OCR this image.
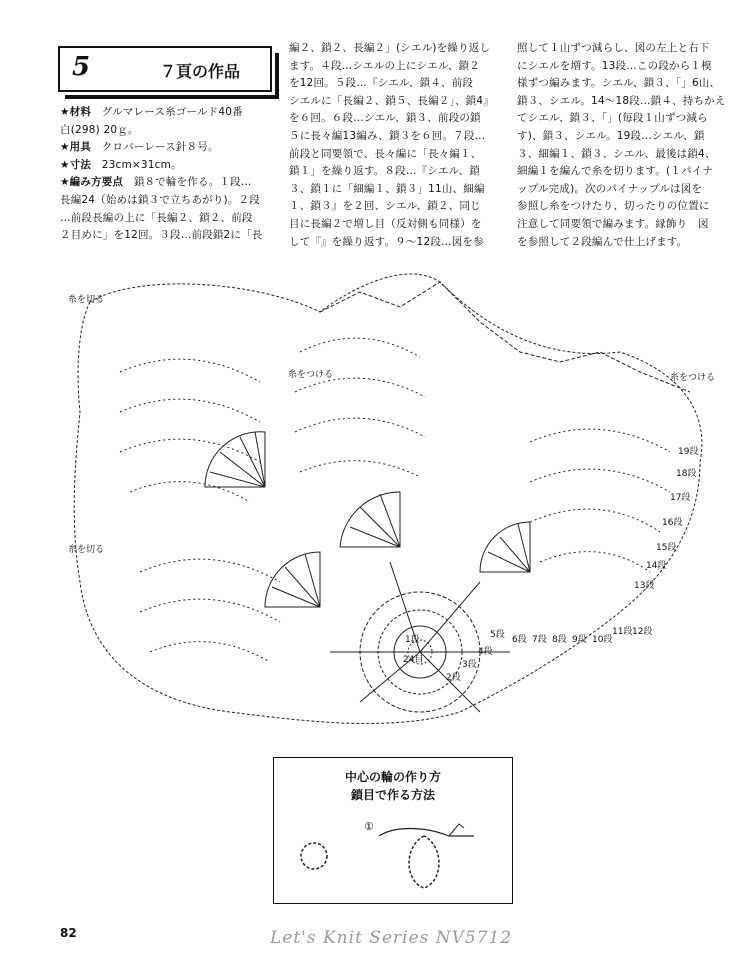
5	７頁の作品

★材料　グルマレース糸ゴールド40番

白(298) 20ｇ。

★用具　クロバーレース針８号。

★寸法　23cm×31cm。

★編み方要点　鎖８で輪を作る。１段…

長編24（始めは鎖３で立ちあがり)。２段

…前段長編の上に「長編２、鎖２、前段

２目めに」を12回。３段…前段鎖2に「長

編２、鎖２、長編２」(シエル)を繰り返し

ます。４段…シエルの上にシエル、鎖２

を12回。５段…『シエル、鎖４、前段

シエルに「長編２、鎖５、長編２」、鎖4』

を６回。６段…シエル、鎖３、前段の鎖

５に長々編13編み、鎖３を６回。７段…

前段と同要領で、長々編に「長々編１、

鎖１」を繰り返す。８段…『シエル、鎖

３、鎖１に「細編１、鎖３」11山、細編

１、鎖３』を２回、シエル、鎖２、同じ

目に長編２で増し目（反対側も同様）を

して『』を繰り返す。９～12段…図を参

照して１山ずつ減らし、図の左上と右下

にシエルを増す。13段…この段から１模

様ずつ編みます。シエル、鎖３、「」6山、

鎖３、シエル。14～18段…鎖４、持ちかえ

てシエル、鎖３、「」(毎段１山ずつ減ら

す)、鎖３、シエル。19段…シエル、鎖

３、細編１、鎖３、シエル、最後は鎖4、

細編１を編んで糸を切ります。(１パイナ

ップル完成)。次のパイナップルは図を

参照し糸をつけたり、切ったりの位置に

注意して同要領で編みます。縁飾り　図

を参照して２段編んで仕上げます。

糸を切る
糸を切る
糸をつける
糸をつける
19段
18段
17段
16段
15段
14段
13段
6段 7段 8段 9段 10段
11段 12段
5段
4段
3段
2段
1段
24目
中心の輪の作り方
鎖目で作る方法
①
82	Let's Knit Series NV5712
